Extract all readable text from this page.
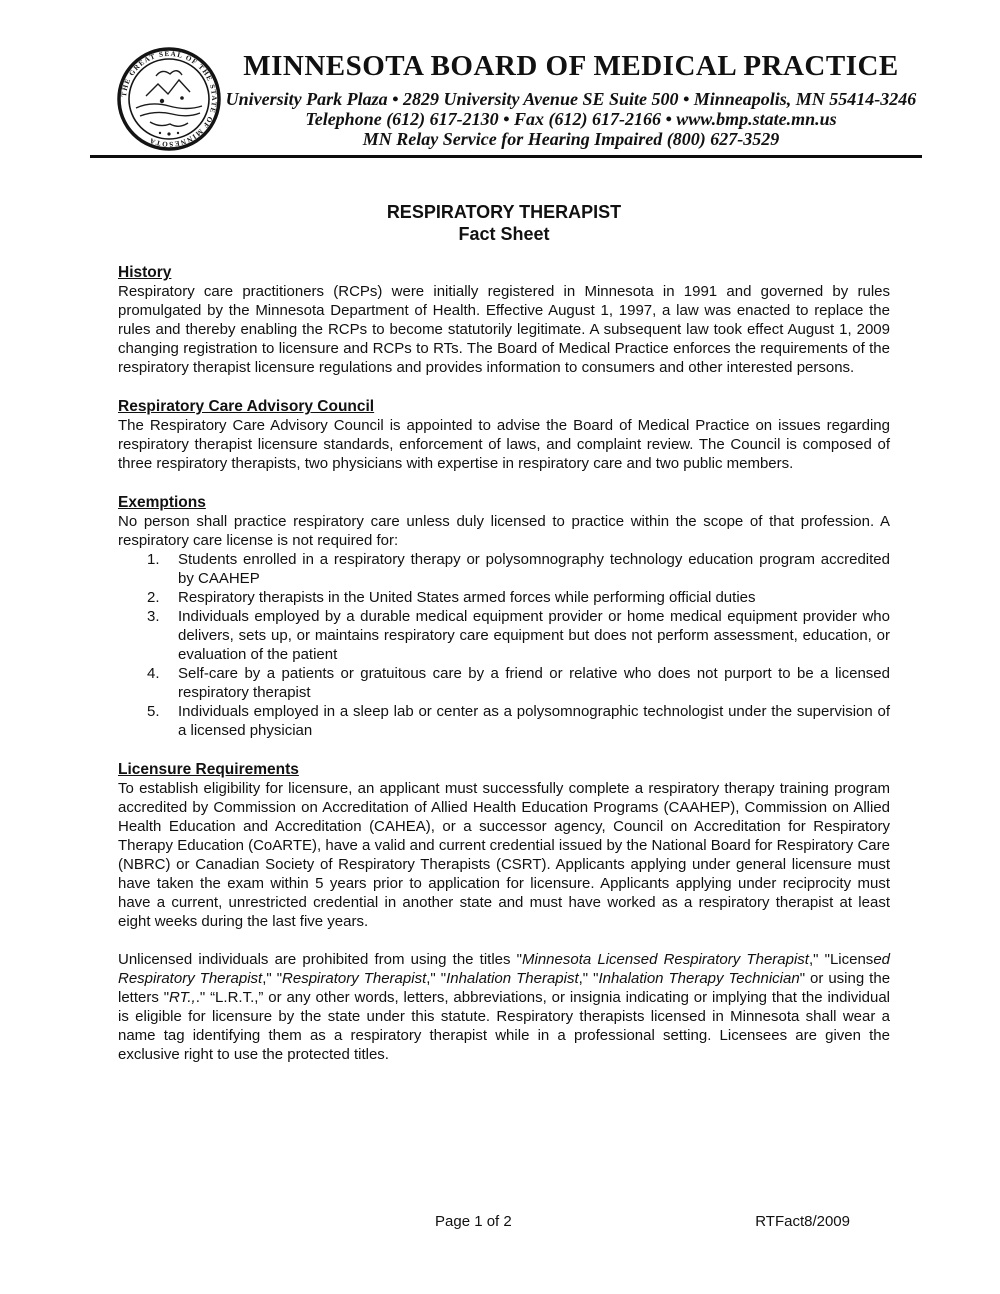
THE GREAT SEAL OF THE STATE OF MINNESOTA
MINNESOTA BOARD OF MEDICAL PRACTICE
University Park Plaza • 2829 University Avenue SE Suite 500 • Minneapolis, MN 55414-3246
Telephone (612) 617-2130 • Fax (612) 617-2166 • www.bmp.state.mn.us
MN Relay Service for Hearing Impaired (800) 627-3529
RESPIRATORY THERAPIST
Fact Sheet
History

Respiratory care practitioners (RCPs) were initially registered in Minnesota in 1991 and governed by rules promulgated by the Minnesota Department of Health. Effective August 1, 1997, a law was enacted to replace the rules and thereby enabling the RCPs to become statutorily legitimate. A subsequent law took effect August 1, 2009 changing registration to licensure and RCPs to RTs. The Board of Medical Practice enforces the requirements of the respiratory therapist licensure regulations and provides information to consumers and other interested persons.

Respiratory Care Advisory Council

The Respiratory Care Advisory Council is appointed to advise the Board of Medical Practice on issues regarding respiratory therapist licensure standards, enforcement of laws, and complaint review. The Council is composed of three respiratory therapists, two physicians with expertise in respiratory care and two public members.

Exemptions

No person shall practice respiratory care unless duly licensed to practice within the scope of that profession. A respiratory care license is not required for:

Students enrolled in a respiratory therapy or polysomnography technology education program accredited by CAAHEP
Respiratory therapists in the United States armed forces while performing official duties
Individuals employed by a durable medical equipment provider or home medical equipment provider who delivers, sets up, or maintains respiratory care equipment but does not perform assessment, education, or evaluation of the patient
Self-care by a patients or gratuitous care by a friend or relative who does not purport to be a licensed respiratory therapist
Individuals employed in a sleep lab or center as a polysomnographic technologist under the supervision of a licensed physician
Licensure Requirements

To establish eligibility for licensure, an applicant must successfully complete a respiratory therapy training program accredited by Commission on Accreditation of Allied Health Education Programs (CAAHEP), Commission on Allied Health Education and Accreditation (CAHEA), or a successor agency, Council on Accreditation for Respiratory Therapy Education (CoARTE), have a valid and current credential issued by the National Board for Respiratory Care (NBRC) or Canadian Society of Respiratory Therapists (CSRT). Applicants applying under general licensure must have taken the exam within 5 years prior to application for licensure. Applicants applying under reciprocity must have a current, unrestricted credential in another state and must have worked as a respiratory therapist at least eight weeks during the last five years.

Unlicensed individuals are prohibited from using the titles "Minnesota Licensed Respiratory Therapist," "Licensed Respiratory Therapist," "Respiratory Therapist," "Inhalation Therapist," "Inhalation Therapy Technician" or using the letters "RT.,." “L.R.T.,” or any other words, letters, abbreviations, or insignia indicating or implying that the individual is eligible for licensure by the state under this statute. Respiratory therapists licensed in Minnesota shall wear a name tag identifying them as a respiratory therapist while in a professional setting. Licensees are given the exclusive right to use the protected titles.

Page 1 of 2	RTFact8/2009
